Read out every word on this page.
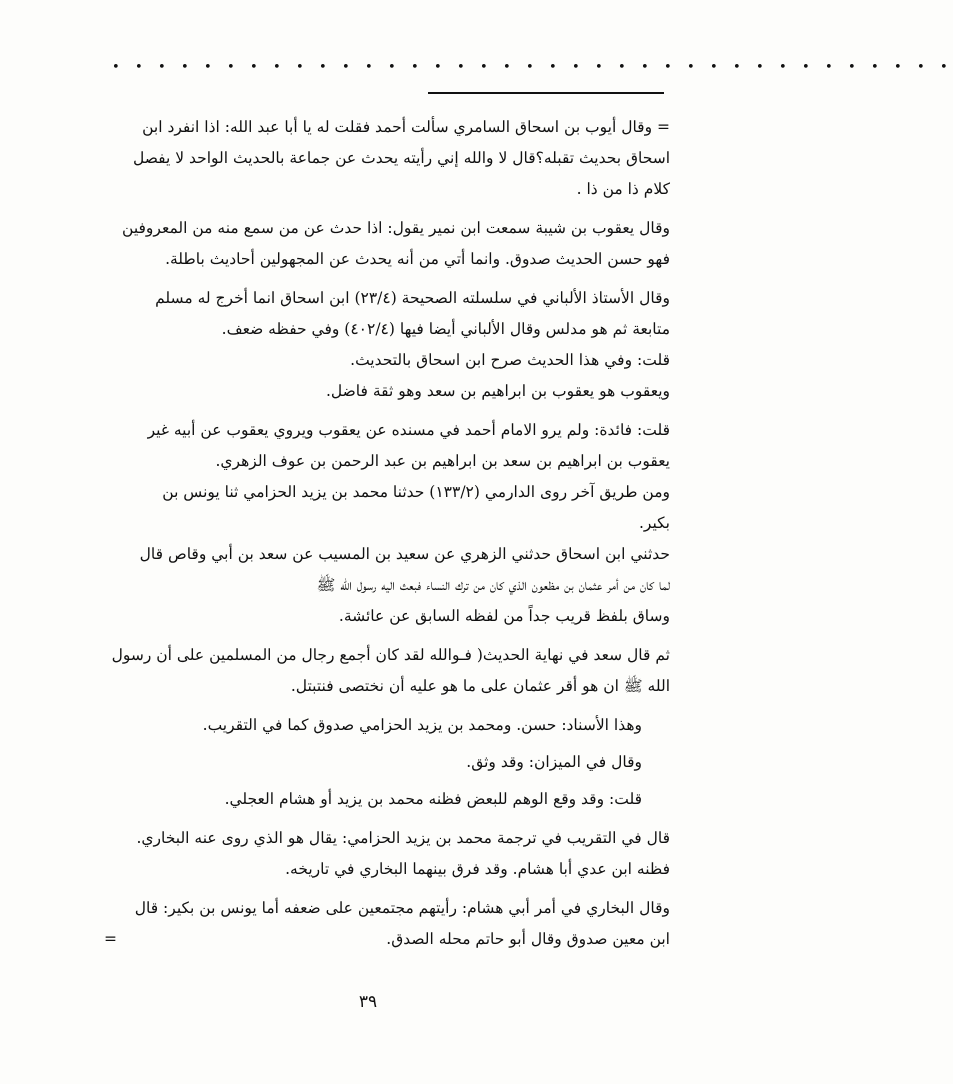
• • • • • • • • • • • • • • • • • • • • • • • • • • • • • • • • • • • • •
= وقال أيوب بن اسحاق السامري سألت أحمد فقلت له يا أبا عبد الله: اذا انفرد ابن
اسحاق بحديث تقبله؟قال لا والله إني رأيته يحدث عن جماعة بالحديث الواحد لا يفصل
كلام ذا من ذا .
وقال يعقوب بن شيبة سمعت ابن نمير يقول: اذا حدث عن من سمع منه من المعروفين
فهو حسن الحديث صدوق. وانما أتي من أنه يحدث عن المجهولين أحاديث باطلة.
وقال الأستاذ الألباني في سلسلته الصحيحة (٢٣/٤) ابن اسحاق انما أخرج له مسلم
متابعة ثم هو مدلس وقال الألباني أيضا فيها (٤٠٢/٤) وفي حفظه ضعف.
قلت: وفي هذا الحديث صرح ابن اسحاق بالتحديث.
ويعقوب هو يعقوب بن ابراهيم بن سعد وهو ثقة فاضل.
قلت: فائدة: ولم يرو الامام أحمد في مسنده عن يعقوب ويروي يعقوب عن أبيه غير
يعقوب بن ابراهيم بن سعد بن ابراهيم بن عبد الرحمن بن عوف الزهري.
ومن طريق آخر روى الدارمي (١٣٣/٢) حدثنا محمد بن يزيد الحزامي ثنا يونس بن
بكير.
حدثني ابن اسحاق حدثني الزهري عن سعيد بن المسيب عن سعد بن أبي وقاص قال
لما كان من أمر عثمان بن مظعون الذي كان من ترك النساء فبعث اليه رسول الله ﷺ
وساق بلفظ قريب جداً من لفظه السابق عن عائشة.
ثم قال سعد في نهاية الحديث( فـوالله لقد كان أجمع رجال من المسلمين على أن رسول
الله ﷺ ان هو أقر عثمان على ما هو عليه أن نختصى فنتبتل.
وهذا الأسناد: حسن. ومحمد بن يزيد الحزامي صدوق كما في التقريب.
وقال في الميزان: وقد وثق.
قلت: وقد وقع الوهم للبعض فظنه محمد بن يزيد أو هشام العجلي.
قال في التقريب في ترجمة محمد بن يزيد الحزامي: يقال هو الذي روى عنه البخاري.
فظنه ابن عدي أبا هشام. وقد فرق بينهما البخاري في تاريخه.
وقال البخاري في أمر أبي هشام: رأيتهم مجتمعين على ضعفه أما يونس بن بكير: قال
ابن معين صدوق وقال أبو حاتم محله الصدق.
=
٣٩
